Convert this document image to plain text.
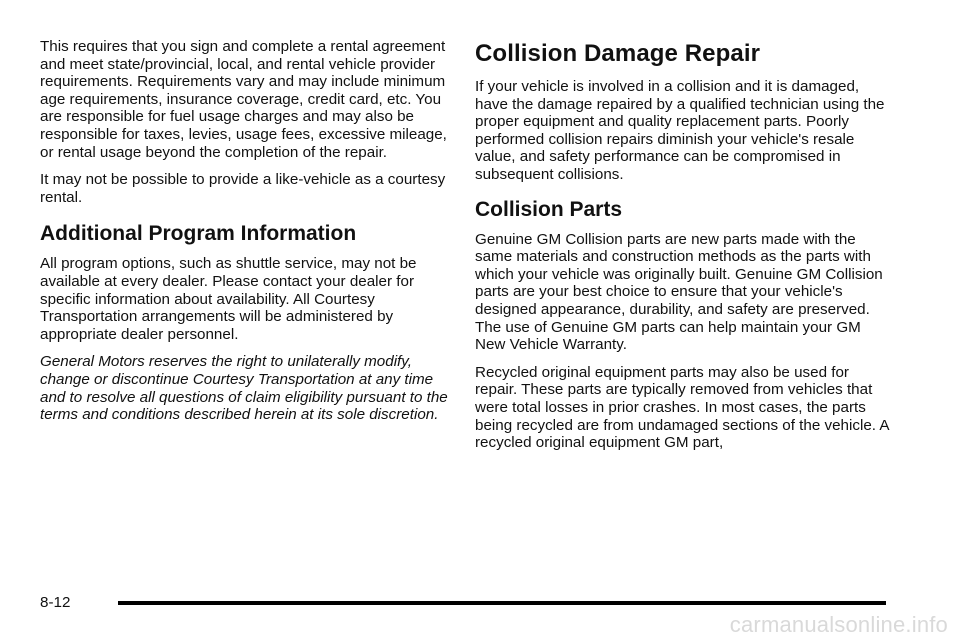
This requires that you sign and complete a rental agreement and meet state/provincial, local, and rental vehicle provider requirements. Requirements vary and may include minimum age requirements, insurance coverage, credit card, etc. You are responsible for fuel usage charges and may also be responsible for taxes, levies, usage fees, excessive mileage, or rental usage beyond the completion of the repair.

It may not be possible to provide a like-vehicle as a courtesy rental.

Additional Program Information

All program options, such as shuttle service, may not be available at every dealer. Please contact your dealer for specific information about availability. All Courtesy Transportation arrangements will be administered by appropriate dealer personnel.

General Motors reserves the right to unilaterally modify, change or discontinue Courtesy Transportation at any time and to resolve all questions of claim eligibility pursuant to the terms and conditions described herein at its sole discretion.

Collision Damage Repair

If your vehicle is involved in a collision and it is damaged, have the damage repaired by a qualified technician using the proper equipment and quality replacement parts. Poorly performed collision repairs diminish your vehicle's resale value, and safety performance can be compromised in subsequent collisions.

Collision Parts

Genuine GM Collision parts are new parts made with the same materials and construction methods as the parts with which your vehicle was originally built. Genuine GM Collision parts are your best choice to ensure that your vehicle's designed appearance, durability, and safety are preserved. The use of Genuine GM parts can help maintain your GM New Vehicle Warranty.

Recycled original equipment parts may also be used for repair. These parts are typically removed from vehicles that were total losses in prior crashes. In most cases, the parts being recycled are from undamaged sections of the vehicle. A recycled original equipment GM part,

8-12
carmanualsonline.info
